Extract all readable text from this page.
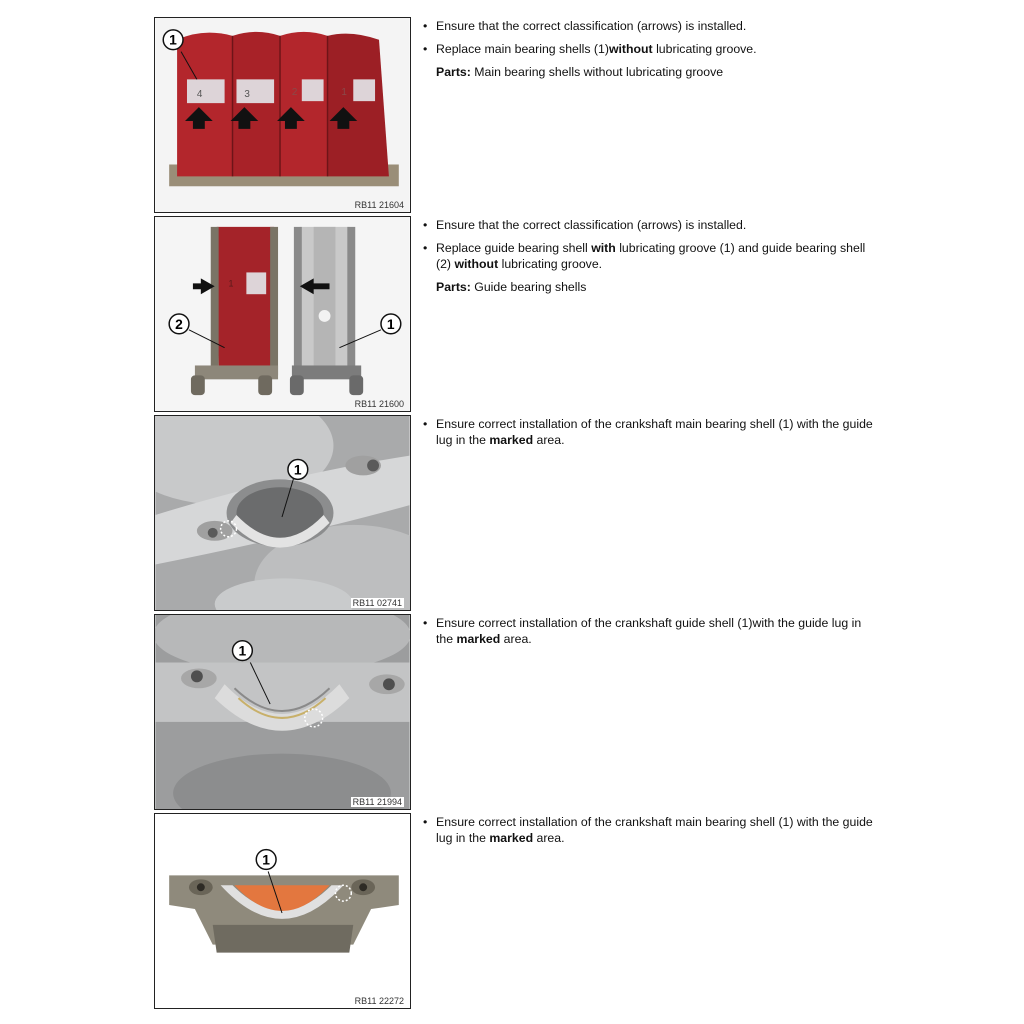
4	3	2	1
1
RB11 21604
1
2	1
RB11 21600
1
RB11 02741
1
RB11 21994
1
RB11 22272
• Ensure that the correct classification (arrows) is installed.
• Replace main bearing shells (1)without lubricating groove.
Parts: Main bearing shells without lubricating groove
• Ensure that the correct classification (arrows) is installed.
• Replace guide bearing shell with lubricating groove (1) and guide bearing shell (2) without lubricating groove.
Parts: Guide bearing shells
• Ensure correct installation of the crankshaft main bearing shell (1) with the guide lug in the marked area.
• Ensure correct installation of the crankshaft guide shell (1)with the guide lug in the marked area.
• Ensure correct installation of the crankshaft main bearing shell (1) with the guide lug in the marked area.
